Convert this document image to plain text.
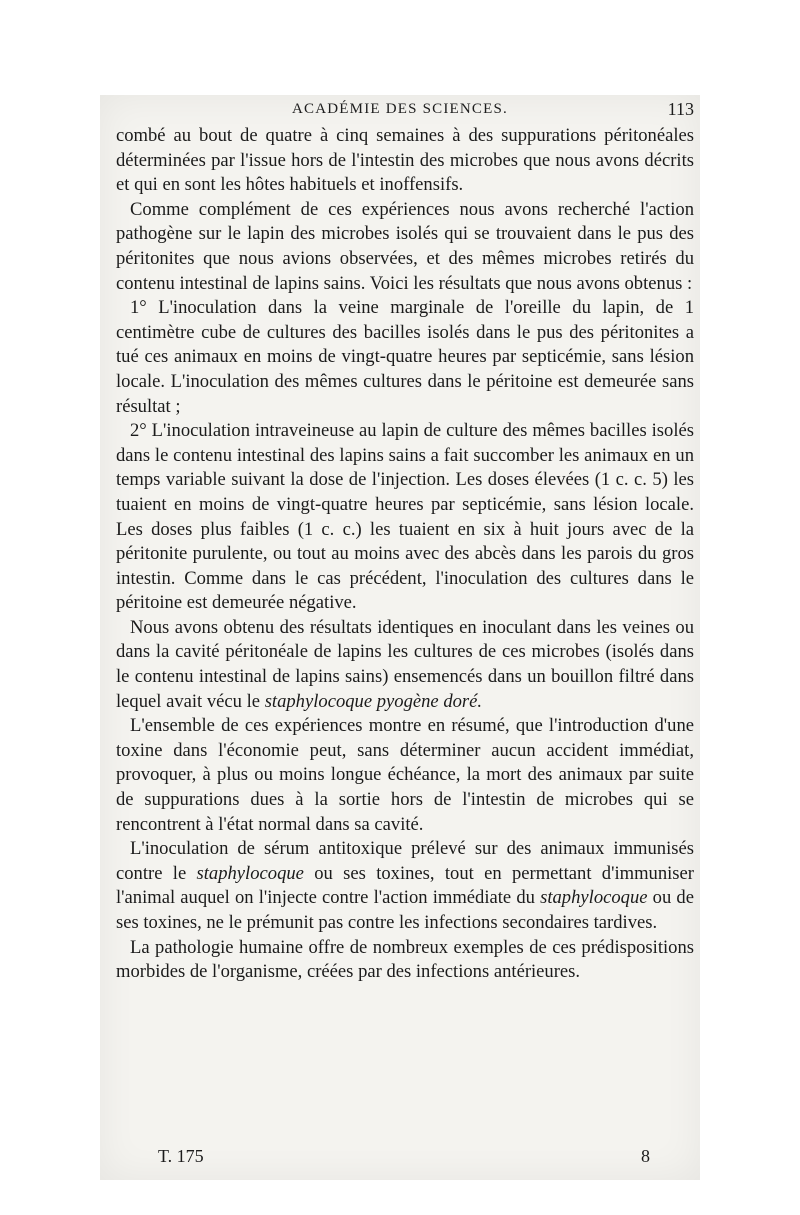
ACADÉMIE DES SCIENCES.	113

combé au bout de quatre à cinq semaines à des suppurations péritonéales déterminées par l'issue hors de l'intestin des microbes que nous avons décrits et qui en sont les hôtes habituels et inoffensifs.

Comme complément de ces expériences nous avons recherché l'action pathogène sur le lapin des microbes isolés qui se trouvaient dans le pus des péritonites que nous avions observées, et des mêmes microbes retirés du contenu intestinal de lapins sains. Voici les résultats que nous avons obtenus :

1° L'inoculation dans la veine marginale de l'oreille du lapin, de 1 centimètre cube de cultures des bacilles isolés dans le pus des péritonites a tué ces animaux en moins de vingt-quatre heures par septicémie, sans lésion locale. L'inoculation des mêmes cultures dans le péritoine est demeurée sans résultat ;

2° L'inoculation intraveineuse au lapin de culture des mêmes bacilles isolés dans le contenu intestinal des lapins sains a fait succomber les animaux en un temps variable suivant la dose de l'injection. Les doses élevées (1 c. c. 5) les tuaient en moins de vingt-quatre heures par septicémie, sans lésion locale. Les doses plus faibles (1 c. c.) les tuaient en six à huit jours avec de la péritonite purulente, ou tout au moins avec des abcès dans les parois du gros intestin. Comme dans le cas précédent, l'inoculation des cultures dans le péritoine est demeurée négative.

Nous avons obtenu des résultats identiques en inoculant dans les veines ou dans la cavité péritonéale de lapins les cultures de ces microbes (isolés dans le contenu intestinal de lapins sains) ensemencés dans un bouillon filtré dans lequel avait vécu le staphylocoque pyogène doré.

L'ensemble de ces expériences montre en résumé, que l'introduction d'une toxine dans l'économie peut, sans déterminer aucun accident immédiat, provoquer, à plus ou moins longue échéance, la mort des animaux par suite de suppurations dues à la sortie hors de l'intestin de microbes qui se rencontrent à l'état normal dans sa cavité.

L'inoculation de sérum antitoxique prélevé sur des animaux immunisés contre le staphylocoque ou ses toxines, tout en permettant d'immuniser l'animal auquel on l'injecte contre l'action immédiate du staphylocoque ou de ses toxines, ne le prémunit pas contre les infections secondaires tardives.

La pathologie humaine offre de nombreux exemples de ces prédispositions morbides de l'organisme, créées par des infections antérieures.

T. 175	8
